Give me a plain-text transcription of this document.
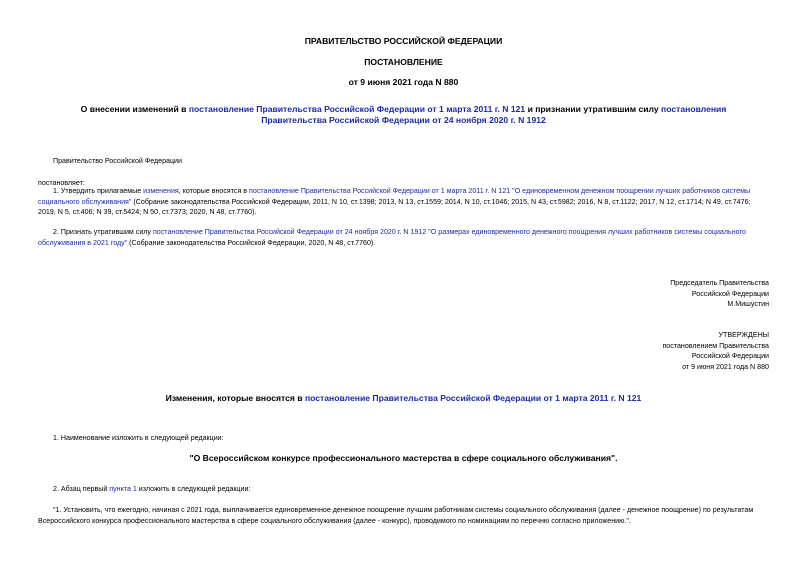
ПРАВИТЕЛЬСТВО РОССИЙСКОЙ ФЕДЕРАЦИИ
ПОСТАНОВЛЕНИЕ
от 9 июня 2021 года N 880
О внесении изменений в постановление Правительства Российской Федерации от 1 марта 2011 г. N 121 и признании утратившим силу постановления Правительства Российской Федерации от 24 ноября 2020 г. N 1912
Правительство Российской Федерации
постановляет:

1. Утвердить прилагаемые изменения, которые вносятся в постановление Правительства Российской Федерации от 1 марта 2011 г. N 121 "О единовременном денежном поощрении лучших работников системы социального обслуживания" (Собрание законодательства Российской Федерации, 2011, N 10, ст.1398; 2013, N 13, ст.1559; 2014, N 10, ст.1046; 2015, N 43, ст.5982; 2016, N 8, ст.1122; 2017, N 12, ст.1714; N 49, ст.7476; 2019, N 5, ст.406; N 39, ст.5424; N 50, ст.7373; 2020, N 48, ст.7760).

2. Признать утратившим силу постановление Правительства Российской Федерации от 24 ноября 2020 г. N 1912 "О размерах единовременного денежного поощрения лучших работников системы социального обслуживания в 2021 году" (Собрание законодательства Российской Федерации, 2020, N 48, ст.7760).

Председатель Правительства
Российской Федерации
М.Мишустин
УТВЕРЖДЕНЫ
постановлением Правительства
Российской Федерации
от 9 июня 2021 года N 880
Изменения, которые вносятся в постановление Правительства Российской Федерации от 1 марта 2011 г. N 121
1. Наименование изложить в следующей редакции:
"О Всероссийском конкурсе профессионального мастерства в сфере социального обслуживания".
2. Абзац первый пункта 1 изложить в следующей редакции:

"1. Установить, что ежегодно, начиная с 2021 года, выплачивается единовременное денежное поощрение лучшим работникам системы социального обслуживания (далее - денежное поощрение) по результатам Всероссийского конкурса профессионального мастерства в сфере социального обслуживания (далее - конкурс), проводимого по номинациям по перечню согласно приложению.".
